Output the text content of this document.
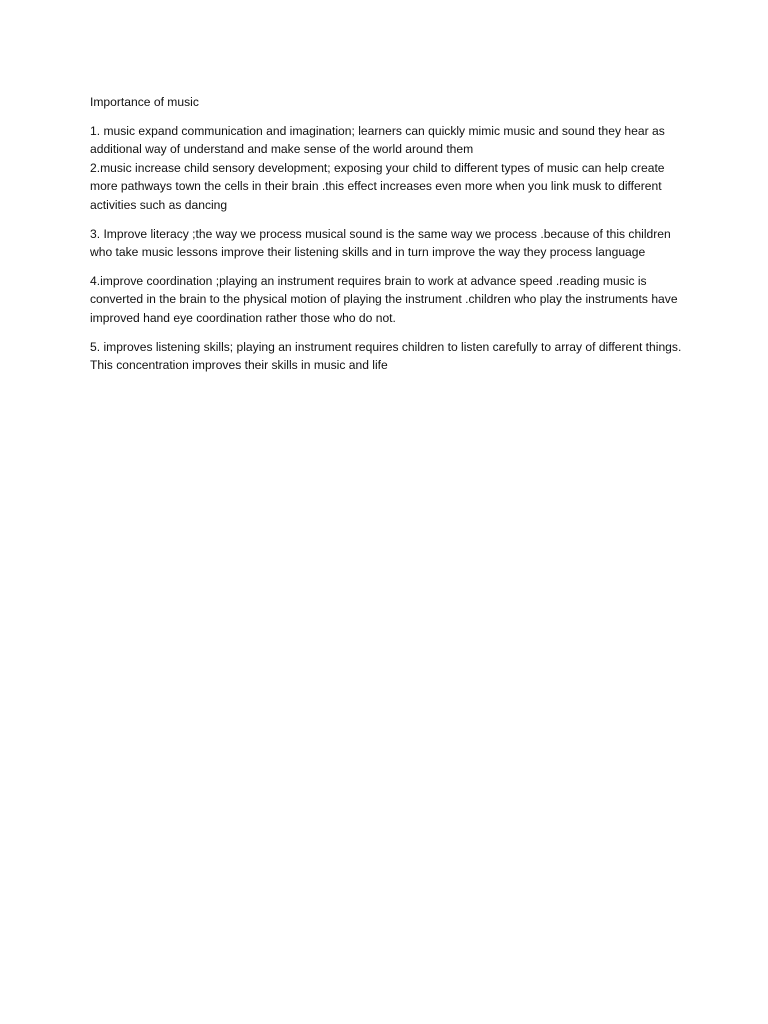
Importance of music

1. music expand communication and imagination; learners can quickly mimic music and sound they hear as additional way of understand and make sense of the world around them

2.music increase child sensory development; exposing your child to different types of music can help create more pathways town the cells in their brain .this effect increases even more when you link musk to different activities such as dancing

3. Improve literacy ;the way we process musical sound is the same way we process .because of this children who take music lessons improve their listening skills and in turn improve the way they process language

4.improve coordination ;playing an instrument requires brain to work at advance speed .reading music is converted in the brain to the physical motion of playing the instrument .children who play the instruments have improved hand eye coordination rather those who do not.

5. improves listening skills; playing an instrument requires children to listen carefully to array of different things. This concentration improves their skills in music and life
